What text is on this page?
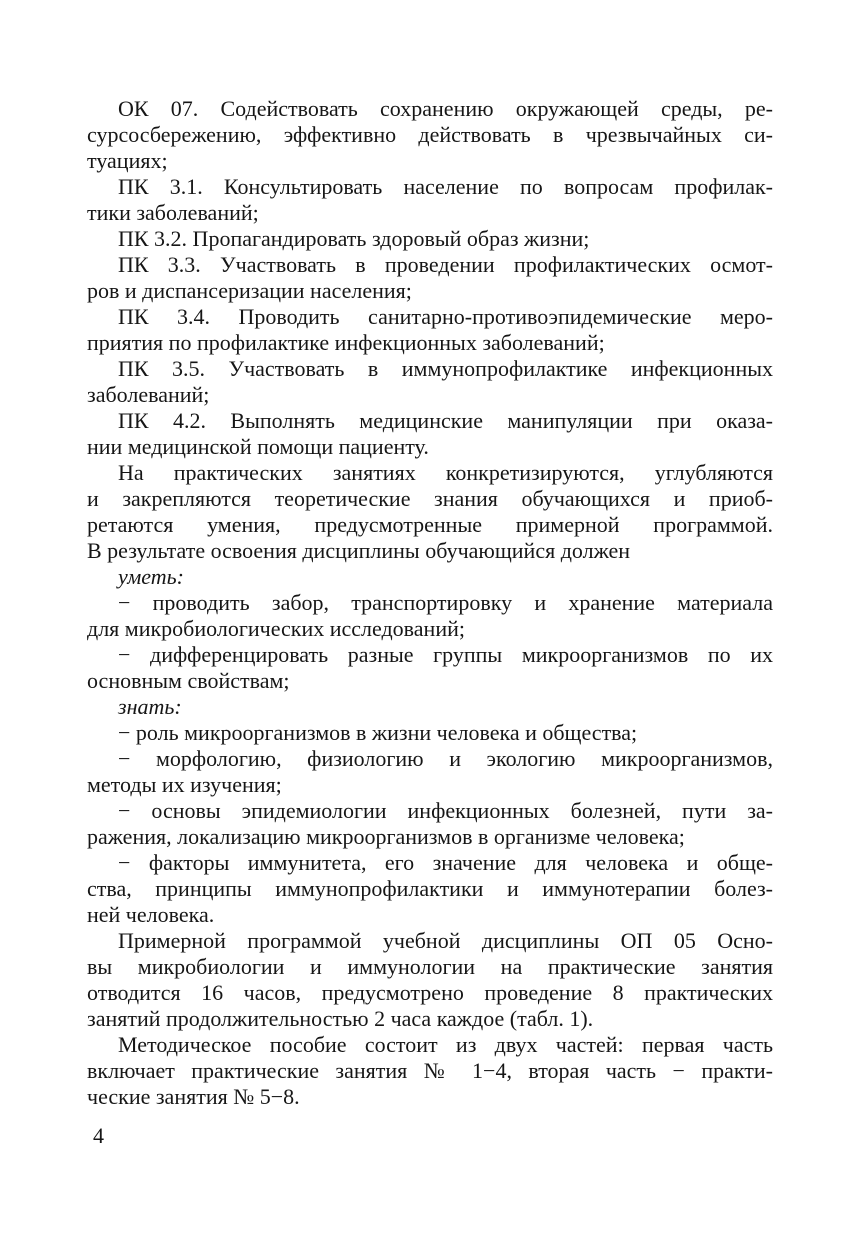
ОК 07. Содействовать сохранению окружающей среды, ре-
сурсосбережению, эффективно действовать в чрезвычайных си-
туациях;
ПК 3.1. Консультировать население по вопросам профилак-
тики заболеваний;
ПК 3.2. Пропагандировать здоровый образ жизни;
ПК 3.3. Участвовать в проведении профилактических осмот-
ров и диспансеризации населения;
ПК 3.4. Проводить санитарно-противоэпидемические меро-
приятия по профилактике инфекционных заболеваний;
ПК 3.5. Участвовать в иммунопрофилактике инфекционных
заболеваний;
ПК 4.2. Выполнять медицинские манипуляции при оказа-
нии медицинской помощи пациенту.
На практических занятиях конкретизируются, углубляются
и закрепляются теоретические знания обучающихся и приоб-
ретаются умения, предусмотренные примерной программой.
В результате освоения дисциплины обучающийся должен
уметь:
− проводить забор, транспортировку и хранение материала
для микробиологических исследований;
− дифференцировать разные группы микроорганизмов по их
основным свойствам;
знать:
− роль микроорганизмов в жизни человека и общества;
− морфологию, физиологию и экологию микроорганизмов,
методы их изучения;
− основы эпидемиологии инфекционных болезней, пути за-
ражения, локализацию микроорганизмов в организме человека;
− факторы иммунитета, его значение для человека и обще-
ства, принципы иммунопрофилактики и иммунотерапии болез-
ней человека.
Примерной программой учебной дисциплины ОП 05 Осно-
вы микробиологии и иммунологии на практические занятия
отводится 16 часов, предусмотрено проведение 8 практических
занятий продолжительностью 2 часа каждое (табл. 1).
Методическое пособие состоит из двух частей: первая часть
включает практические занятия № 1−4, вторая часть − практи-
ческие занятия № 5−8.
4
